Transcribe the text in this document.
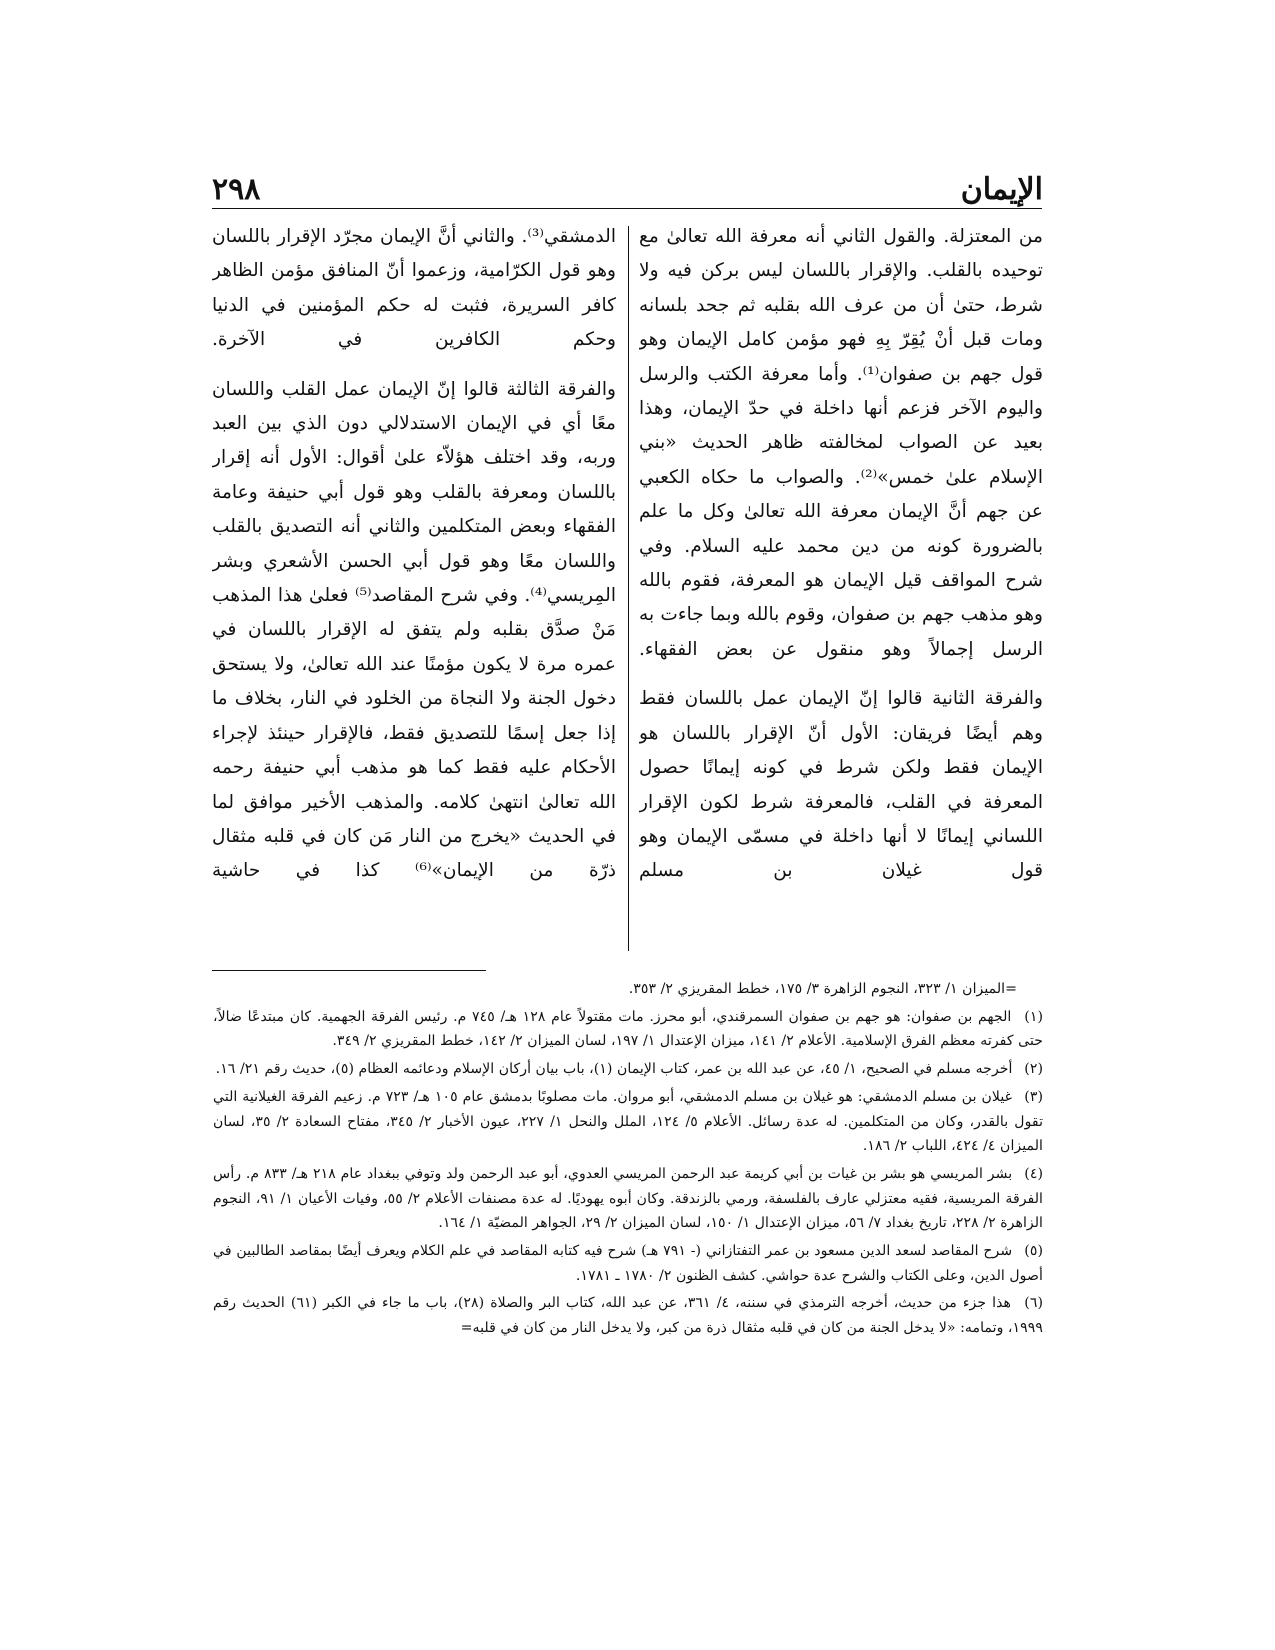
الإيمان
٢٩٨

من المعتزلة. والقول الثاني أنه معرفة الله تعالىٰ مع توحيده بالقلب. والإقرار باللسان ليس بركن فيه ولا شرط، حتىٰ أن من عرف الله بقلبه ثم جحد بلسانه ومات قبل أنْ يُقِرّ بِهِ فهو مؤمن كامل الإيمان وهو قول جهم بن صفوان⁽¹⁾. وأما معرفة الكتب والرسل واليوم الآخر فزعم أنها داخلة في حدّ الإيمان، وهذا بعيد عن الصواب لمخالفته ظاهر الحديث «بني الإسلام علىٰ خمس»⁽²⁾. والصواب ما حكاه الكعبي عن جهم أنَّ الإيمان معرفة الله تعالىٰ وكل ما علم بالضرورة كونه من دين محمد عليه السلام. وفي شرح المواقف قيل الإيمان هو المعرفة، فقوم بالله وهو مذهب جهم بن صفوان، وقوم بالله وبما جاءت به الرسل إجمالاً وهو منقول عن بعض الفقهاء.

والفرقة الثانية قالوا إنّ الإيمان عمل باللسان فقط وهم أيضًا فريقان: الأول أنّ الإقرار باللسان هو الإيمان فقط ولكن شرط في كونه إيمانًا حصول المعرفة في القلب، فالمعرفة شرط لكون الإقرار اللساني إيمانًا لا أنها داخلة في مسمّى الإيمان وهو قول غيلان بن مسلم

الدمشقي⁽³⁾. والثاني أنَّ الإيمان مجرّد الإقرار باللسان وهو قول الكرّامية، وزعموا أنّ المنافق مؤمن الظاهر كافر السريرة، فثبت له حكم المؤمنين في الدنيا وحكم الكافرين في الآخرة.

والفرقة الثالثة قالوا إنّ الإيمان عمل القلب واللسان معًا أي في الإيمان الاستدلالي دون الذي بين العبد وربه، وقد اختلف هؤلاّء علىٰ أقوال: الأول أنه إقرار باللسان ومعرفة بالقلب وهو قول أبي حنيفة وعامة الفقهاء وبعض المتكلمين والثاني أنه التصديق بالقلب واللسان معًا وهو قول أبي الحسن الأشعري وبشر المِريسي⁽⁴⁾. وفي شرح المقاصد⁽⁵⁾ فعلىٰ هذا المذهب مَنْ صدَّق بقلبه ولم يتفق له الإقرار باللسان في عمره مرة لا يكون مؤمنًا عند الله تعالىٰ، ولا يستحق دخول الجنة ولا النجاة من الخلود في النار، بخلاف ما إذا جعل إسمًا للتصديق فقط، فالإقرار حينئذ لإجراء الأحكام عليه فقط كما هو مذهب أبي حنيفة رحمه الله تعالىٰ انتهىٰ كلامه. والمذهب الأخير موافق لما في الحديث «يخرج من النار مَن كان في قلبه مثقال ذرّة من الإيمان»⁽⁶⁾ كذا في حاشية

=الميزان ١/ ٣٢٣، النجوم الزاهرة ٣/ ١٧٥، خطط المقريزي ٢/ ٣٥٣.
(١) الجهم بن صفوان: هو جهم بن صفوان السمرقندي، أبو محرز. مات مقتولاً عام ١٢٨ هـ/ ٧٤٥ م. رئيس الفرقة الجهمية. كان مبتدعًا ضالاً، حتى كفرته معظم الفرق الإسلامية. الأعلام ٢/ ١٤١، ميزان الإعتدال ١/ ١٩٧، لسان الميزان ٢/ ١٤٢، خطط المقريزي ٢/ ٣٤٩.
(٢) أخرجه مسلم في الصحيح، ١/ ٤٥، عن عبد الله بن عمر، كتاب الإيمان (١)، باب بيان أركان الإسلام ودعائمه العظام (٥)، حديث رقم ٢١/ ١٦.
(٣) غيلان بن مسلم الدمشقي: هو غيلان بن مسلم الدمشقي، أبو مروان. مات مصلوبًا بدمشق عام ١٠٥ هـ/ ٧٢٣ م. زعيم الفرقة الغيلانية التي تقول بالقدر، وكان من المتكلمين. له عدة رسائل. الأعلام ٥/ ١٢٤، الملل والنحل ١/ ٢٢٧، عيون الأخبار ٢/ ٣٤٥، مفتاح السعادة ٢/ ٣٥، لسان الميزان ٤/ ٤٢٤، اللباب ٢/ ١٨٦.
(٤) بشر المريسي هو بشر بن غيات بن أبي كريمة عبد الرحمن المريسي العدوي، أبو عبد الرحمن ولد وتوفي ببغداد عام ٢١٨ هـ/ ٨٣٣ م. رأس الفرقة المريسية، فقيه معتزلي عارف بالفلسفة، ورمي بالزندقة. وكان أبوه يهوديًا. له عدة مصنفات الأعلام ٢/ ٥٥، وفيات الأعيان ١/ ٩١، النجوم الزاهرة ٢/ ٢٢٨، تاريخ بغداد ٧/ ٥٦، ميزان الإعتدال ١/ ١٥٠، لسان الميزان ٢/ ٢٩، الجواهر المضيّة ١/ ١٦٤.
(٥) شرح المقاصد لسعد الدين مسعود بن عمر التفتازاني (- ٧٩١ هـ) شرح فيه كتابه المقاصد في علم الكلام ويعرف أيضًا بمقاصد الطالبين في أصول الدين، وعلى الكتاب والشرح عدة حواشي. كشف الظنون ٢/ ١٧٨٠ ـ ١٧٨١.
(٦) هذا جزء من حديث، أخرجه الترمذي في سننه، ٤/ ٣٦١، عن عبد الله، كتاب البر والصلاة (٢٨)، باب ما جاء في الكبر (٦١) الحديث رقم ١٩٩٩، وتمامه: «لا يدخل الجنة من كان في قلبه مثقال ذرة من كبر، ولا يدخل النار من كان في قلبه=
